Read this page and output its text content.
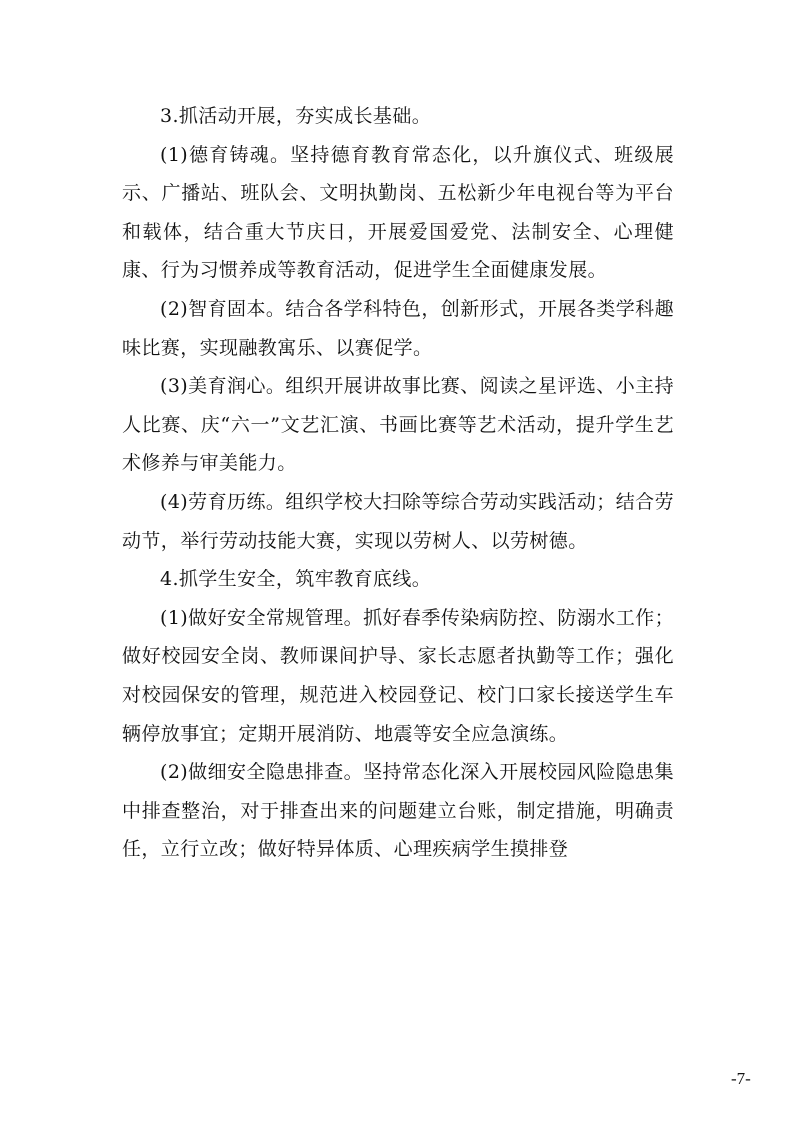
3.抓活动开展，夯实成长基础。

(1)德育铸魂。坚持德育教育常态化，以升旗仪式、班级展示、广播站、班队会、文明执勤岗、五松新少年电视台等为平台和载体，结合重大节庆日，开展爱国爱党、法制安全、心理健康、行为习惯养成等教育活动，促进学生全面健康发展。

(2)智育固本。结合各学科特色，创新形式，开展各类学科趣味比赛，实现融教寓乐、以赛促学。

(3)美育润心。组织开展讲故事比赛、阅读之星评选、小主持人比赛、庆“六一”文艺汇演、书画比赛等艺术活动，提升学生艺术修养与审美能力。

(4)劳育历练。组织学校大扫除等综合劳动实践活动；结合劳动节，举行劳动技能大赛，实现以劳树人、以劳树德。

4.抓学生安全，筑牢教育底线。

(1)做好安全常规管理。抓好春季传染病防控、防溺水工作；做好校园安全岗、教师课间护导、家长志愿者执勤等工作；强化对校园保安的管理，规范进入校园登记、校门口家长接送学生车辆停放事宜；定期开展消防、地震等安全应急演练。

(2)做细安全隐患排查。坚持常态化深入开展校园风险隐患集中排查整治，对于排查出来的问题建立台账，制定措施，明确责任，立行立改；做好特异体质、心理疾病学生摸排登

-7-
